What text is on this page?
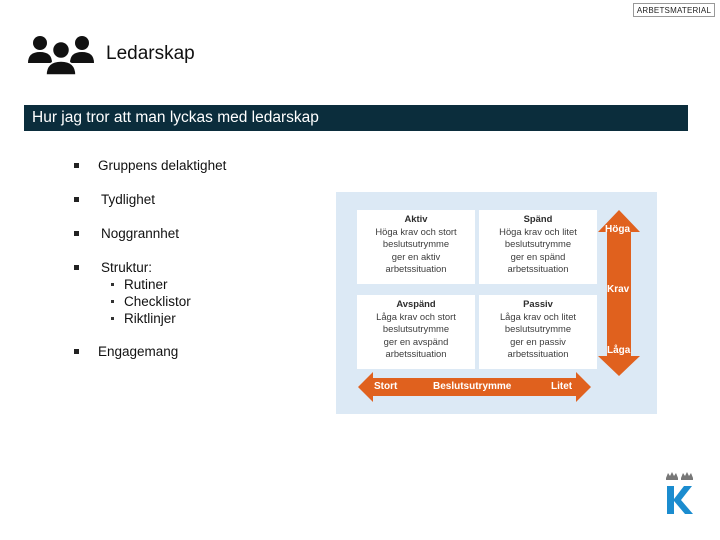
ARBETSMATERIAL
Ledarskap
Hur jag tror att man lyckas med ledarskap
Gruppens delaktighet
Tydlighet
Noggrannhet
Struktur:
Rutiner
Checklistor
Riktlinjer
Engagemang
Aktiv
Höga krav och stort
beslutsutrymme
ger en aktiv
arbetssituation
Spänd
Höga krav och litet
beslutsutrymme
ger en spänd
arbetssituation
Avspänd
Låga krav och stort
beslutsutrymme
ger en avspänd
arbetssituation
Passiv
Låga krav och litet
beslutsutrymme
ger en passiv
arbetssituation
Höga
Krav
Låga
Stort	Beslutsutrymme	Litet
